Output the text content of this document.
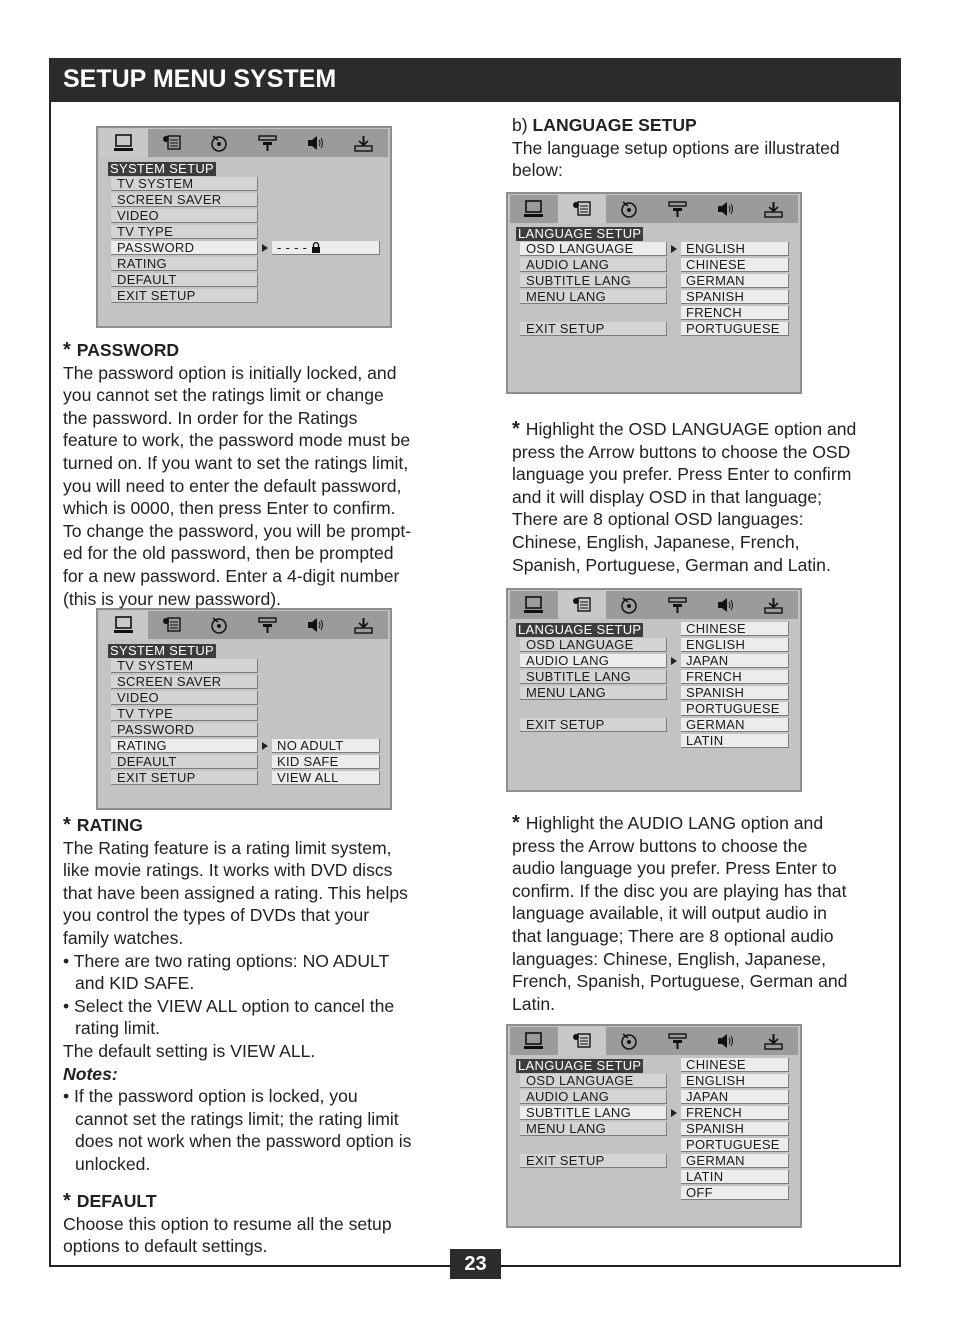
SETUP MENU SYSTEM
23
SYSTEM SETUP
TV SYSTEM
SCREEN SAVER
VIDEO
TV TYPE
PASSWORD
RATING
DEFAULT
EXIT SETUP
- - - -
SYSTEM SETUP
TV SYSTEM
SCREEN SAVER
VIDEO
TV TYPE
PASSWORD
RATING
DEFAULT
EXIT SETUP
NO ADULT
KID SAFE
VIEW ALL
LANGUAGE SETUP
OSD LANGUAGE
AUDIO LANG
SUBTITLE LANG
MENU LANG
EXIT SETUP
ENGLISH
CHINESE
GERMAN
SPANISH
FRENCH
PORTUGUESE
LANGUAGE SETUP
OSD LANGUAGE
AUDIO LANG
SUBTITLE LANG
MENU LANG
EXIT SETUP
CHINESE
ENGLISH
JAPAN
FRENCH
SPANISH
PORTUGUESE
GERMAN
LATIN
LANGUAGE SETUP
OSD LANGUAGE
AUDIO LANG
SUBTITLE LANG
MENU LANG
EXIT SETUP
CHINESE
ENGLISH
JAPAN
FRENCH
SPANISH
PORTUGUESE
GERMAN
LATIN
OFF

* PASSWORD

The password option is initially locked, and

you cannot set the ratings limit or change

the password. In order for the Ratings

feature to work, the password mode must be

turned on. If you want to set the ratings limit,

you will need to enter the default password,

which is 0000, then press Enter to confirm.

To change the password, you will be prompt-

ed for the old password, then be prompted

for a new password. Enter a 4-digit number

(this is your new password).

* RATING

The Rating feature is a rating limit system,

like movie ratings. It works with DVD discs

that have been assigned a rating. This helps

you control the types of DVDs that your

family watches.

• There are two rating options: NO ADULT

and KID SAFE.

• Select the VIEW ALL option to cancel the

rating limit.

The default setting is VIEW ALL.

Notes:

• If the password option is locked, you

cannot set the ratings limit; the rating limit

does not work when the password option is

unlocked.

* DEFAULT

Choose this option to resume all the setup

options to default settings.

b) LANGUAGE SETUP

The language setup options are illustrated

below:

* Highlight the OSD LANGUAGE option and

press the Arrow buttons to choose the OSD

language you prefer. Press Enter to confirm

and it will display OSD in that language;

There are 8 optional OSD languages:

Chinese, English, Japanese, French,

Spanish, Portuguese, German and Latin.

* Highlight the AUDIO LANG option and

press the Arrow buttons to choose the

audio language you prefer. Press Enter to

confirm. If the disc you are playing has that

language available, it will output audio in

that language; There are 8 optional audio

languages: Chinese, English, Japanese,

French, Spanish, Portuguese, German and

Latin.
